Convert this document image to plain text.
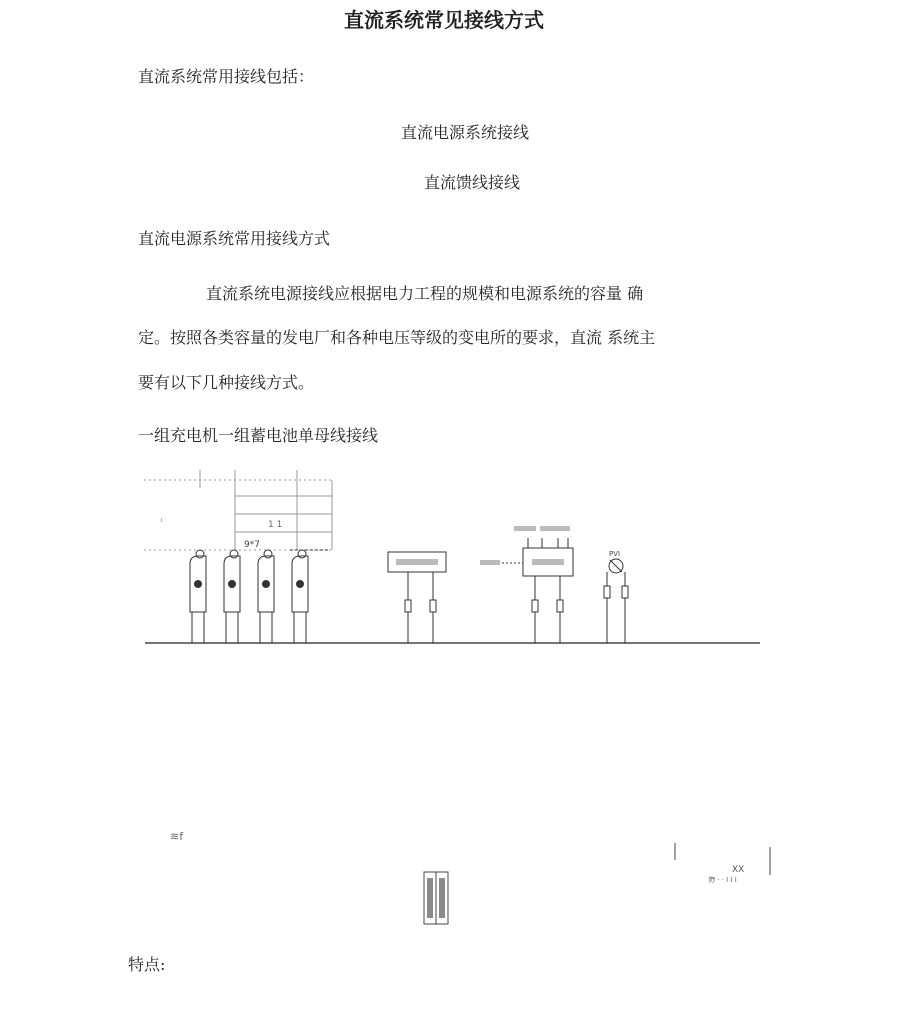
直流系统常见接线方式
直流系统常用接线包括：
直流电源系统接线
直流馈线接线
直流电源系统常用接线方式
直流系统电源接线应根据电力工程的规模和电源系统的容量 确
定。按照各类容量的发电厂和各种电压等级的变电所的要求，直流 系统主
要有以下几种接线方式。
一组充电机一组蓄电池单母线接线
¹	1 1
9*7
PVI
≋f
XX
协 · · I I I
特点:
